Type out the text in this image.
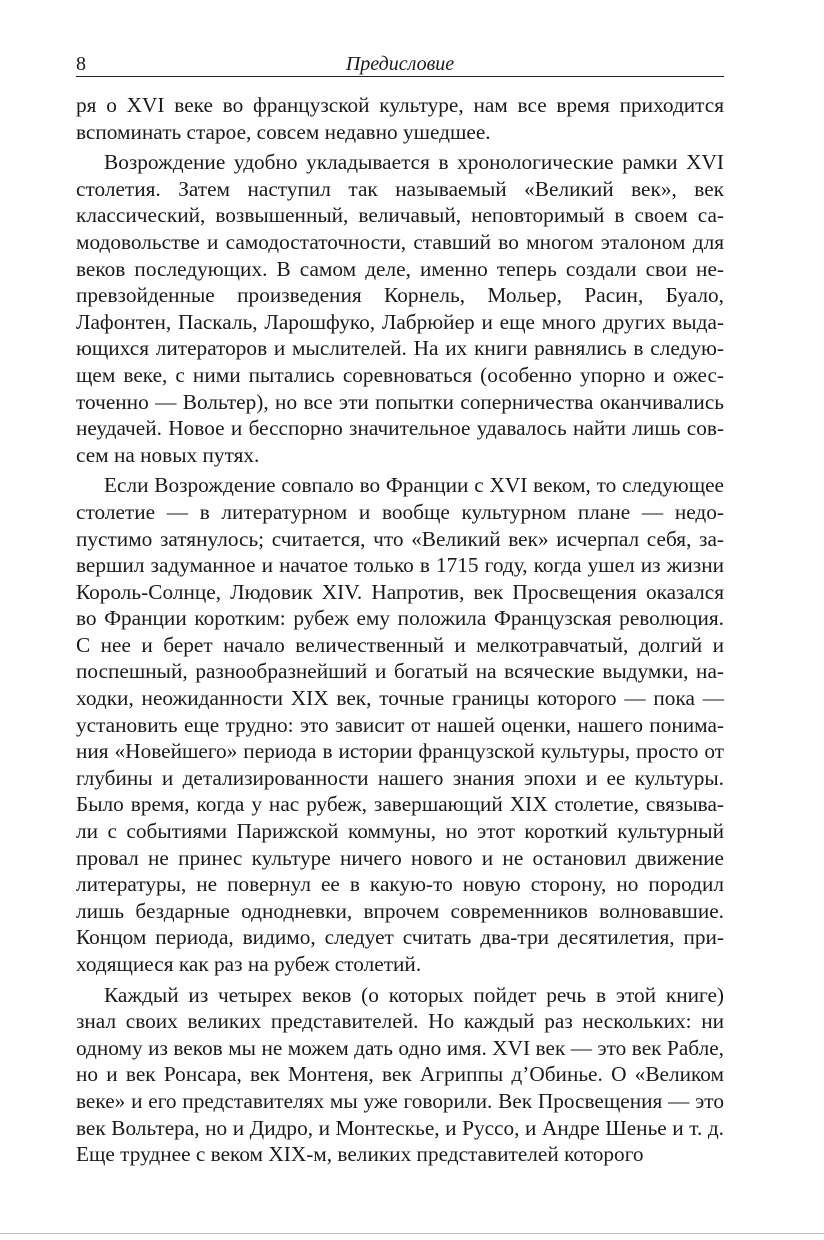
Предисловие
8

ря о XVI веке во французской культуре, нам все время приходится вспоминать старое, совсем недавно ушедшее.

Возрождение удобно укладывается в хронологические рамки XVI столетия. Затем наступил так называемый «Великий век», век классический, возвышенный, величавый, неповторимый в своем самодовольстве и самодостаточности, ставший во многом эталоном для веков последующих. В самом деле, именно теперь создали свои непревзойденные произведения Корнель, Мольер, Расин, Буало, Лафонтен, Паскаль, Ларошфуко, Лабрюйер и еще много других выдающихся литераторов и мыслителей. На их книги равнялись в следующем веке, с ними пытались соревноваться (особенно упорно и ожесточенно — Вольтер), но все эти попытки соперничества оканчивались неудачей. Новое и бесспорно значительное удавалось найти лишь совсем на новых путях.

Если Возрождение совпало во Франции с XVI веком, то следующее столетие — в литературном и вообще культурном плане — недопустимо затянулось; считается, что «Великий век» исчерпал себя, завершил задуманное и начатое только в 1715 году, когда ушел из жизни Король-Солнце, Людовик XIV. Напротив, век Просвещения оказался во Франции коротким: рубеж ему положила Французская революция. С нее и берет начало величественный и мелкотравчатый, долгий и поспешный, разнообразнейший и богатый на всяческие выдумки, находки, неожиданности XIX век, точные границы которого — пока — установить еще трудно: это зависит от нашей оценки, нашего понимания «Новейшего» периода в истории французской культуры, просто от глубины и детализированности нашего знания эпохи и ее культуры. Было время, когда у нас рубеж, завершающий XIX столетие, связывали с событиями Парижской коммуны, но этот короткий культурный провал не принес культуре ничего нового и не остановил движение литературы, не повернул ее в какую-то новую сторону, но породил лишь бездарные однодневки, впрочем современников волновавшие. Концом периода, видимо, следует считать два-три десятилетия, приходящиеся как раз на рубеж столетий.

Каждый из четырех веков (о которых пойдет речь в этой книге) знал своих великих представителей. Но каждый раз нескольких: ни одному из веков мы не можем дать одно имя. XVI век — это век Рабле, но и век Ронсара, век Монтеня, век Агриппы д’Обинье. О «Великом веке» и его представителях мы уже говорили. Век Просвещения — это век Вольтера, но и Дидро, и Монтескье, и Руссо, и Андре Шенье и т. д. Еще труднее с веком XIX-м, великих представителей которого
